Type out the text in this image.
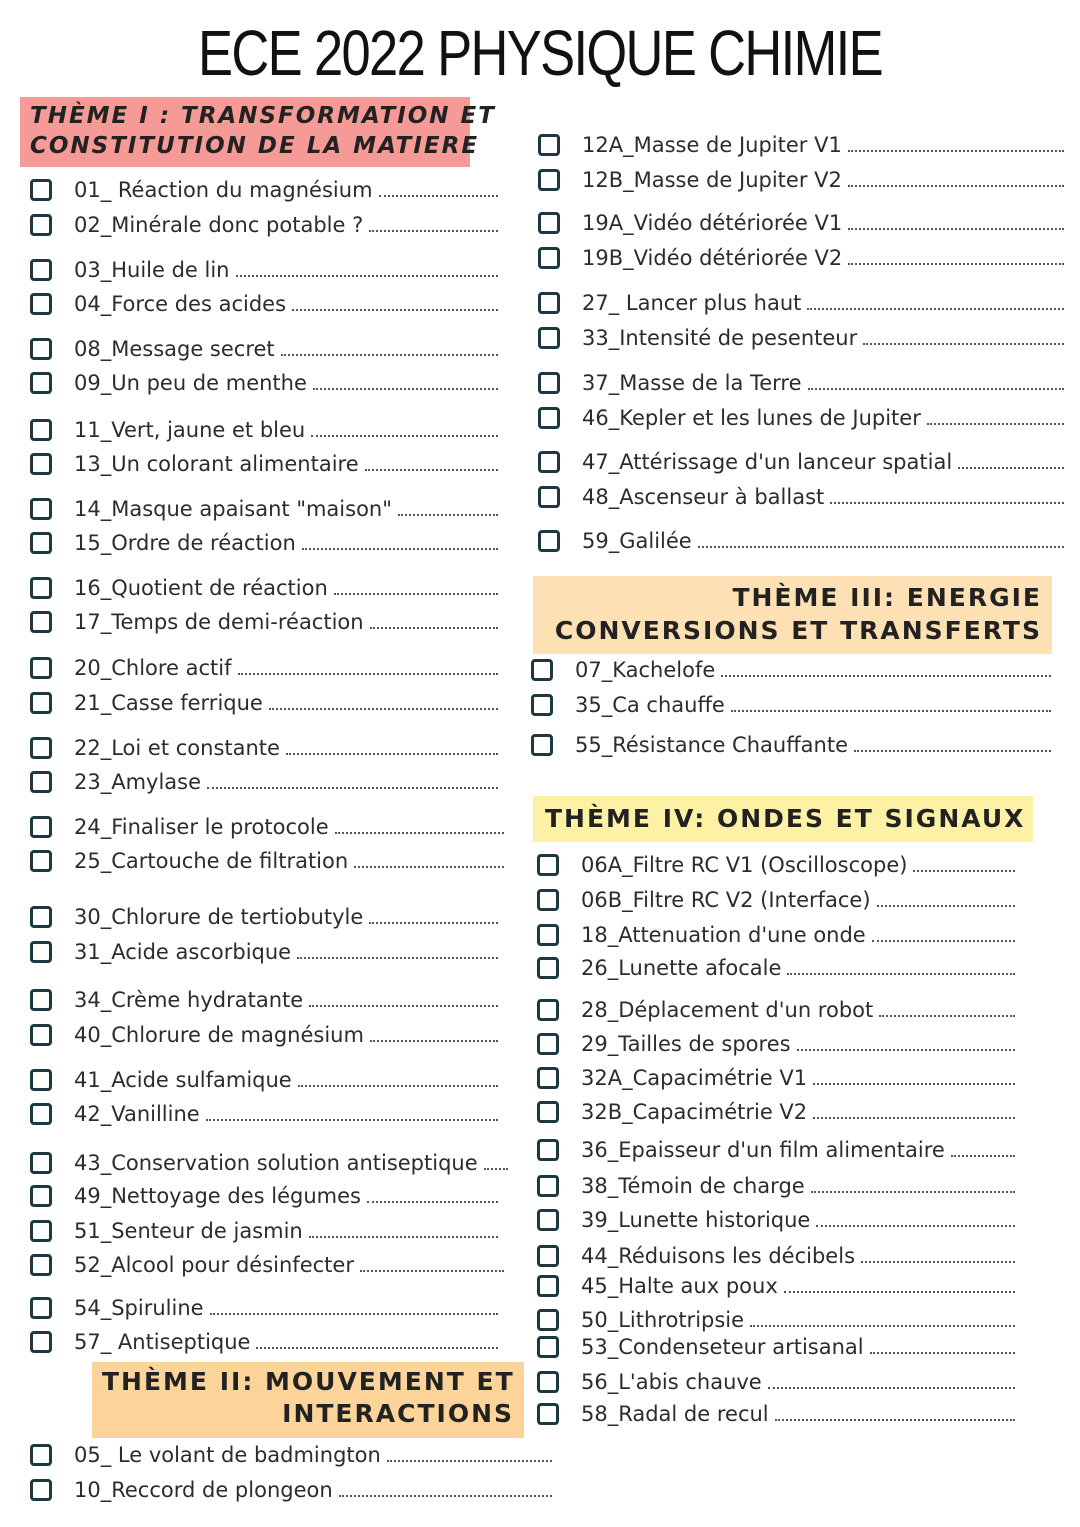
ECE 2022 PHYSIQUE CHIMIE
THÈME I : TRANSFORMATION ET
CONSTITUTION DE LA MATIERE
THÈME II: MOUVEMENT ET
INTERACTIONS
THÈME III: ENERGIE
CONVERSIONS ET TRANSFERTS
THÈME IV: ONDES ET SIGNAUX
01_ Réaction du magnésium
02_Minérale donc potable ?
03_Huile de lin
04_Force des acides
08_Message secret
09_Un peu de menthe
11_Vert, jaune et bleu
13_Un colorant alimentaire
14_Masque apaisant "maison"
15_Ordre de réaction
16_Quotient de réaction
17_Temps de demi-réaction
20_Chlore actif
21_Casse ferrique
22_Loi et constante
23_Amylase
24_Finaliser le protocole
25_Cartouche de filtration
30_Chlorure de tertiobutyle
31_Acide ascorbique
34_Crème hydratante
40_Chlorure de magnésium
41_Acide sulfamique
42_Vanilline
43_Conservation solution antiseptique
49_Nettoyage des légumes
51_Senteur de jasmin
52_Alcool pour désinfecter
54_Spiruline
57_ Antiseptique
05_ Le volant de badmington
10_Reccord de plongeon
12A_Masse de Jupiter V1
12B_Masse de Jupiter V2
19A_Vidéo détériorée V1
19B_Vidéo détériorée V2
27_ Lancer plus haut
33_Intensité de pesenteur
37_Masse de la Terre
46_Kepler et les lunes de Jupiter
47_Attérissage d'un lanceur spatial
48_Ascenseur à ballast
59_Galilée
07_Kachelofe
35_Ca chauffe
55_Résistance Chauffante
06A_Filtre RC V1 (Oscilloscope)
06B_Filtre RC V2 (Interface)
18_Attenuation d'une onde
26_Lunette afocale
28_Déplacement d'un robot
29_Tailles de spores
32A_Capacimétrie V1
32B_Capacimétrie V2
36_Epaisseur d'un film alimentaire
38_Témoin de charge
39_Lunette historique
44_Réduisons les décibels
45_Halte aux poux
50_Lithrotripsie
53_Condenseteur artisanal
56_L'abis chauve
58_Radal de recul
